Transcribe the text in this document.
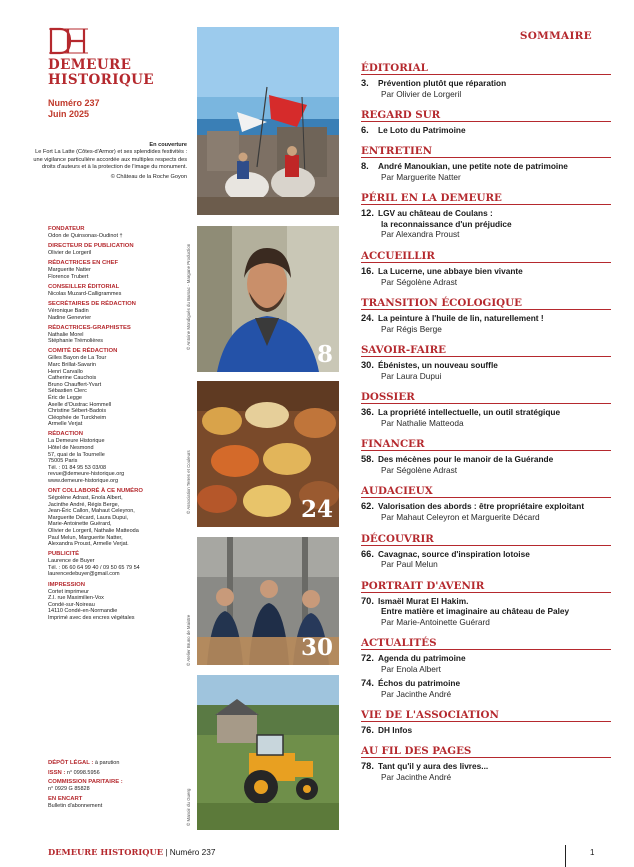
DEMEURE
HISTORIQUE
Numéro 237
Juin 2025
En couverture
Le Fort La Latte (Côtes-d'Armor) et ses splendides festivités : une vigilance particulière accordée aux multiples respects des droits d'auteurs et à la protection de l'image du monument.
© Château de la Roche Goyon
FONDATEUR
Odon de Quinsonas-Oudinot †
DIRECTEUR DE PUBLICATION
Olivier de Lorgeril
RÉDACTRICES EN CHEF
Marguerite Natter
Florence Trubert
CONSEILLER ÉDITORIAL
Nicolas Muzard-Calligrammes
SECRÉTAIRES DE RÉDACTION
Véronique Badin
Nadine Genevrier
RÉDACTRICES-GRAPHISTES
Nathalie Morel
Stéphanie Trémolières
COMITÉ DE RÉDACTION
Gilles Bayon de La Tour
Marc Brillat-Savarin
Henri Carvallo
Catherine Cauchois
Bruno Chauffert-Yvart
Sébastien Clerc
Éric de Legge
Axelle d'Oustrac Hommell
Christine Sébert-Badois
Cléophée de Turckheim
Armelle Verjat
RÉDACTION
La Demeure Historique
Hôtel de Nesmond
57, quai de la Tournelle
75005 Paris
Tél. : 01 84 95 53 03/08
revue@demeure-historique.org
www.demeure-historique.org
ONT COLLABORÉ À CE NUMÉRO
Ségolène Adrast, Enola Albert,
Jacinthe André, Régis Berge,
Jean-Éric Callon, Mahaut Celeyron,
Marguerite Décard, Laura Dupui,
Marie-Antoinette Guérard,
Olivier de Lorgeril, Nathalie Matteoda
Paul Melun, Marguerite Natter,
Alexandra Proust, Armelle Verjat.
PUBLICITÉ
Laurence de Buyer
Tél. : 06 60 64 99 40 / 09 50 65 79 54
laurencedebuyer@gmail.com
IMPRESSION
Cortet imprimeur
Z.I. rue Maximilien-Vox
Condé-sur-Noireau
14110 Condé-en-Normandie
Imprimé avec des encres végétales
DÉPÔT LÉGAL : à parution
ISSN : n° 0998.5956
COMMISSION PARITAIRE :
n° 0929 G 85828
EN ENCART
Bulletin d'abonnement
8
24
30
© Antoine Mondiguès du Barsac - Margane Production
© Association Terres et Couleurs
© Atelier Bruno de Maistre
© Manoir du Guerg
SOMMAIRE
ÉDITORIAL
3.	Prévention plutôt que réparation
Par Olivier de Lorgeril
REGARD SUR
6.	Le Loto du Patrimoine
ENTRETIEN
8.	André Manoukian, une petite note de patrimoine
Par Marguerite Natter
PÉRIL EN LA DEMEURE
12. LGV au château de Coulans :
la reconnaissance d'un préjudice
Par Alexandra Proust
ACCUEILLIR
16. La Lucerne, une abbaye bien vivante
Par Ségolène Adrast
TRANSITION ÉCOLOGIQUE
24. La peinture à l'huile de lin, naturellement !
Par Régis Berge
SAVOIR-FAIRE
30. Ébénistes, un nouveau souffle
Par Laura Dupui
DOSSIER
36. La propriété intellectuelle, un outil stratégique
Par Nathalie Matteoda
FINANCER
58. Des mécènes pour le manoir de la Guérande
Par Ségolène Adrast
AUDACIEUX
62. Valorisation des abords : être propriétaire exploitant
Par Mahaut Celeyron et Marguerite Décard
DÉCOUVRIR
66. Cavagnac, source d'inspiration lotoise
Par Paul Melun
PORTRAIT D'AVENIR
70. Ismaël Murat El Hakim.
Entre matière et imaginaire au château de Paley
Par Marie-Antoinette Guérard
ACTUALITÉS
72. Agenda du patrimoine
Par Enola Albert
74. Échos du patrimoine
Par Jacinthe André
VIE DE L'ASSOCIATION
76. DH Infos
AU FIL DES PAGES
78. Tant qu'il y aura des livres...
Par Jacinthe André
DEMEURE HISTORIQUE | Numéro 237	1
